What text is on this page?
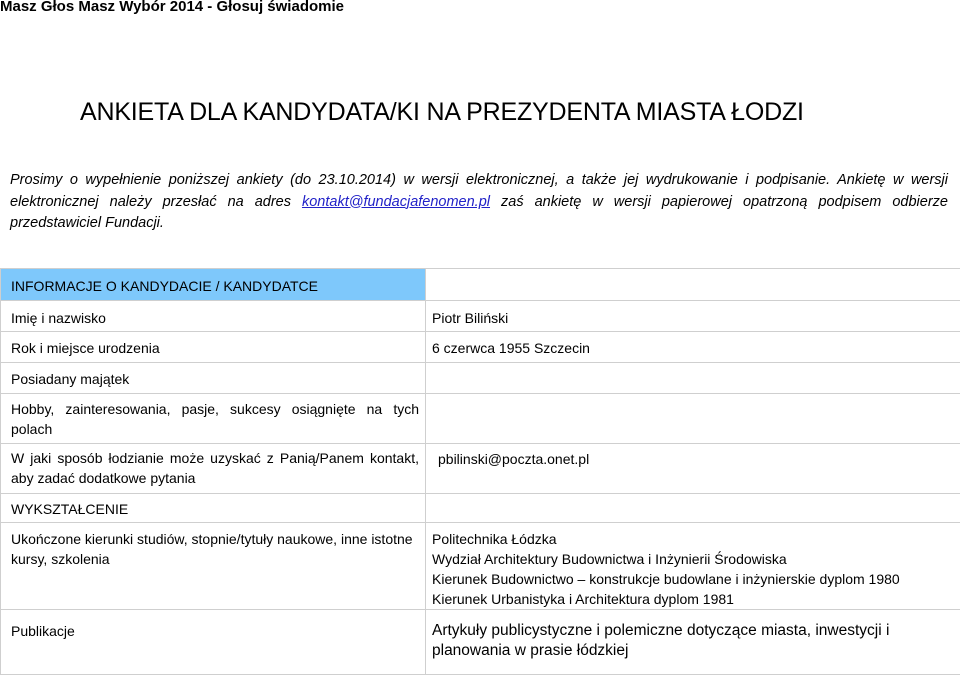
Masz Głos Masz Wybór 2014 - Głosuj świadomie
ANKIETA DLA KANDYDATA/KI NA PREZYDENTA MIASTA ŁODZI
Prosimy o wypełnienie poniższej ankiety (do 23.10.2014) w wersji elektronicznej, a także jej wydrukowanie i podpisanie. Ankietę w wersji elektronicznej należy przesłać na adres kontakt@fundacjafenomen.pl zaś ankietę w wersji papierowej opatrzoną podpisem odbierze przedstawiciel Fundacji.
INFORMACJE O KANDYDACIE / KANDYDATCE	

Imię i nazwisko	Piotr Biliński
Rok i miejsce urodzenia	6 czerwca 1955 Szczecin
Posiadany majątek	
Hobby, zainteresowania, pasje, sukcesy osiągnięte na tych polach	
W jaki sposób łodzianie może uzyskać z Panią/Panem kontakt, aby zadać dodatkowe pytania	pbilinski@poczta.onet.pl
WYKSZTAŁCENIE	
Ukończone kierunki studiów, stopnie/tytuły naukowe, inne istotne kursy, szkolenia	Politechnika Łódzka
Wydział Architektury Budownictwa i Inżynierii Środowiska
Kierunek Budownictwo – konstrukcje budowlane i inżynierskie dyplom 1980
Kierunek Urbanistyka i Architektura dyplom 1981

Publikacje	Artykuły publicystyczne i polemiczne dotyczące miasta, inwestycji i planowania w prasie łódzkiej
